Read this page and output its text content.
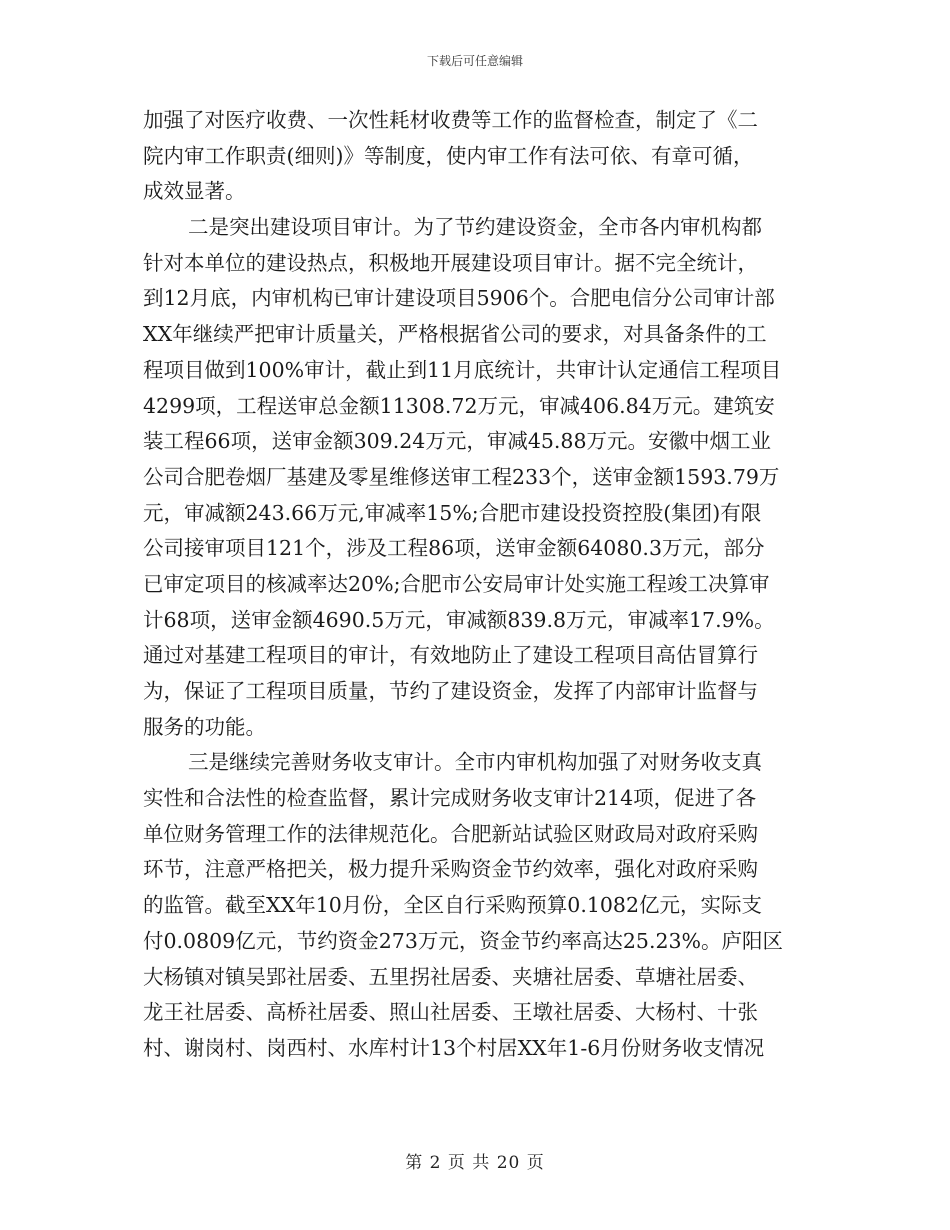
下载后可任意编辑
加强了对医疗收费、一次性耗材收费等工作的监督检查，制定了《二
院内审工作职责(细则)》等制度，使内审工作有法可依、有章可循，
成效显著。
二是突出建设项目审计。为了节约建设资金，全市各内审机构都
针对本单位的建设热点，积极地开展建设项目审计。据不完全统计，
到12月底，内审机构已审计建设项目5906个。合肥电信分公司审计部
XX年继续严把审计质量关，严格根据省公司的要求，对具备条件的工
程项目做到100%审计，截止到11月底统计，共审计认定通信工程项目
4299项，工程送审总金额11308.72万元，审减406.84万元。建筑安
装工程66项，送审金额309.24万元，审减45.88万元。安徽中烟工业
公司合肥卷烟厂基建及零星维修送审工程233个，送审金额1593.79万
元，审减额243.66万元,审减率15%;合肥市建设投资控股(集团)有限
公司接审项目121个，涉及工程86项，送审金额64080.3万元，部分
已审定项目的核减率达20%;合肥市公安局审计处实施工程竣工决算审
计68项，送审金额4690.5万元，审减额839.8万元，审减率17.9%。
通过对基建工程项目的审计，有效地防止了建设工程项目高估冒算行
为，保证了工程项目质量，节约了建设资金，发挥了内部审计监督与
服务的功能。
三是继续完善财务收支审计。全市内审机构加强了对财务收支真
实性和合法性的检查监督，累计完成财务收支审计214项，促进了各
单位财务管理工作的法律规范化。合肥新站试验区财政局对政府采购
环节，注意严格把关，极力提升采购资金节约效率，强化对政府采购
的监管。截至XX年10月份，全区自行采购预算0.1082亿元，实际支
付0.0809亿元，节约资金273万元，资金节约率高达25.23%。庐阳区
大杨镇对镇吴郢社居委、五里拐社居委、夹塘社居委、草塘社居委、
龙王社居委、高桥社居委、照山社居委、王墩社居委、大杨村、十张
村、谢岗村、岗西村、水库村计13个村居XX年1-6月份财务收支情况
第 2 页 共 20 页
